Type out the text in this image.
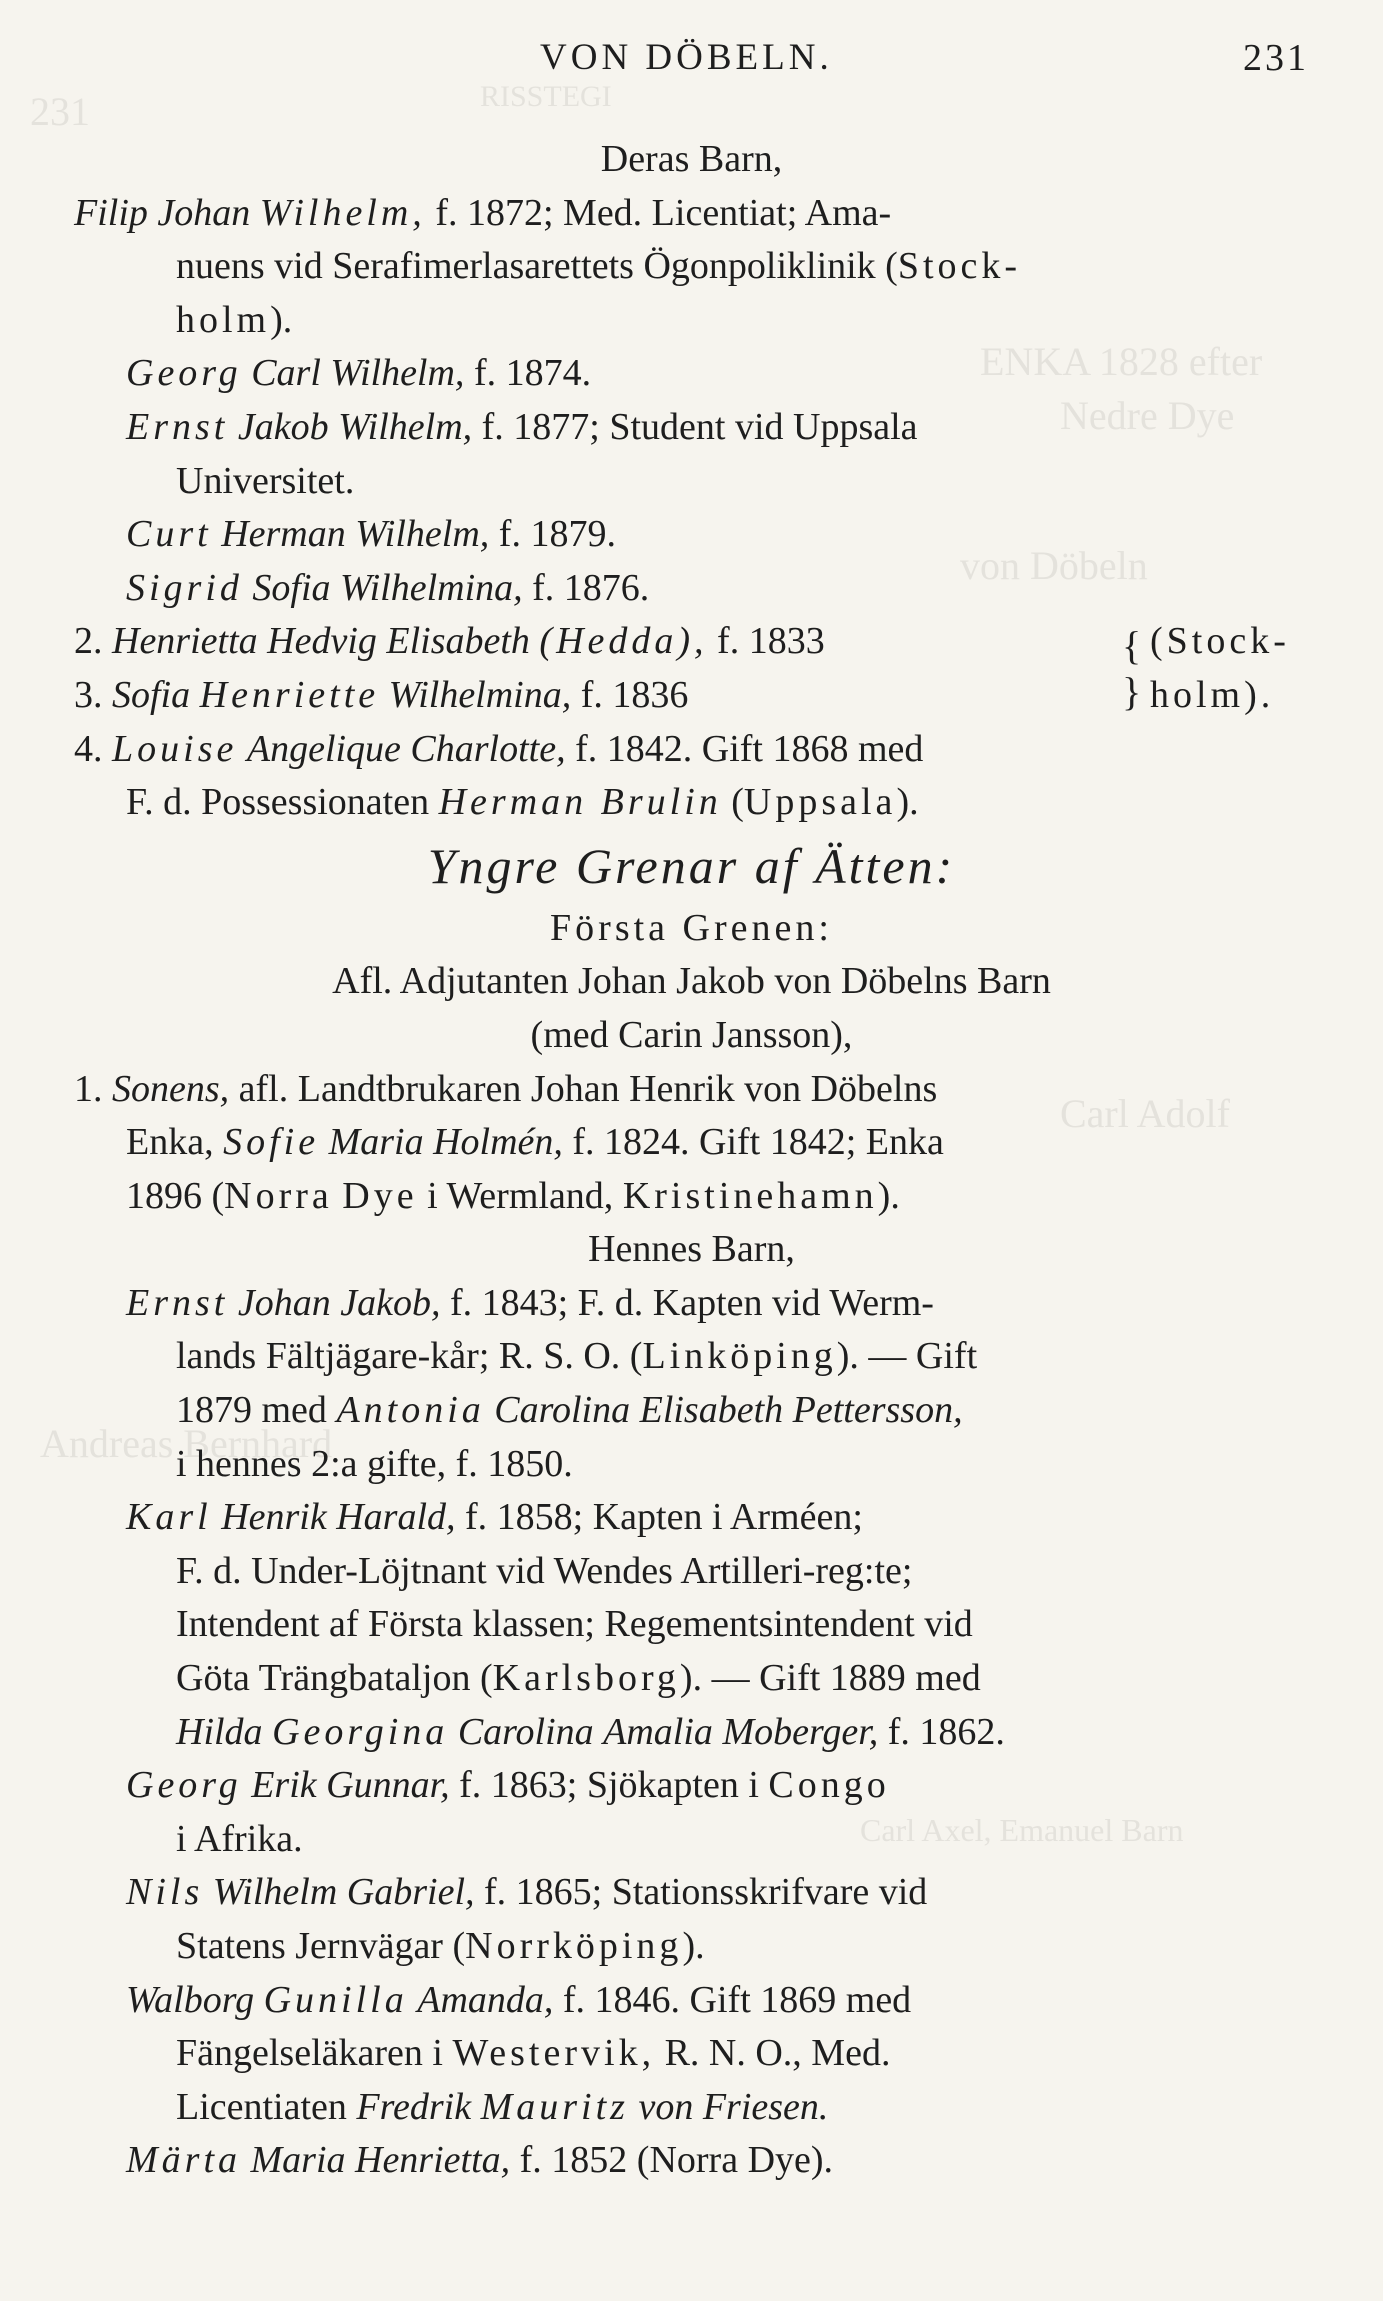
231	RISSTEGI
ENKA 1828 efter
Nedre Dye
von Döbeln
Andreas Bernhard
Carl Adolf
Carl Axel, Emanuel Barn
VON DÖBELN.	231
Deras Barn,
Filip Johan Wilhelm, f. 1872; Med. Licentiat; Ama-
nuens vid Serafimerlasarettets Ögonpoliklinik (Stock-
holm).
Georg Carl Wilhelm, f. 1874.
Ernst Jakob Wilhelm, f. 1877; Student vid Uppsala
Universitet.
Curt Herman Wilhelm, f. 1879.
Sigrid Sofia Wilhelmina, f. 1876.
2. Henrietta Hedvig Elisabeth (Hedda), f. 1833	{ (Stock-
3. Sofia Henriette Wilhelmina, f. 1836	} holm).
4. Louise Angelique Charlotte, f. 1842. Gift 1868 med
F. d. Possessionaten Herman Brulin (Uppsala).
Yngre Grenar af Ätten:
Första Grenen:
Afl. Adjutanten Johan Jakob von Döbelns Barn
(med Carin Jansson),
1. Sonens, afl. Landtbrukaren Johan Henrik von Döbelns
Enka, Sofie Maria Holmén, f. 1824. Gift 1842; Enka
1896 (Norra Dye i Wermland, Kristinehamn).
Hennes Barn,
Ernst Johan Jakob, f. 1843; F. d. Kapten vid Werm-
lands Fältjägare-kår; R. S. O. (Linköping). — Gift
1879 med Antonia Carolina Elisabeth Pettersson,
i hennes 2:a gifte, f. 1850.
Karl Henrik Harald, f. 1858; Kapten i Arméen;
F. d. Under-Löjtnant vid Wendes Artilleri-reg:te;
Intendent af Första klassen; Regementsintendent vid
Göta Trängbataljon (Karlsborg). — Gift 1889 med
Hilda Georgina Carolina Amalia Moberger, f. 1862.
Georg Erik Gunnar, f. 1863; Sjökapten i Congo
i Afrika.
Nils Wilhelm Gabriel, f. 1865; Stationsskrifvare vid
Statens Jernvägar (Norrköping).
Walborg Gunilla Amanda, f. 1846. Gift 1869 med
Fängelseläkaren i Westervik, R. N. O., Med.
Licentiaten Fredrik Mauritz von Friesen.
Märta Maria Henrietta, f. 1852 (Norra Dye).
